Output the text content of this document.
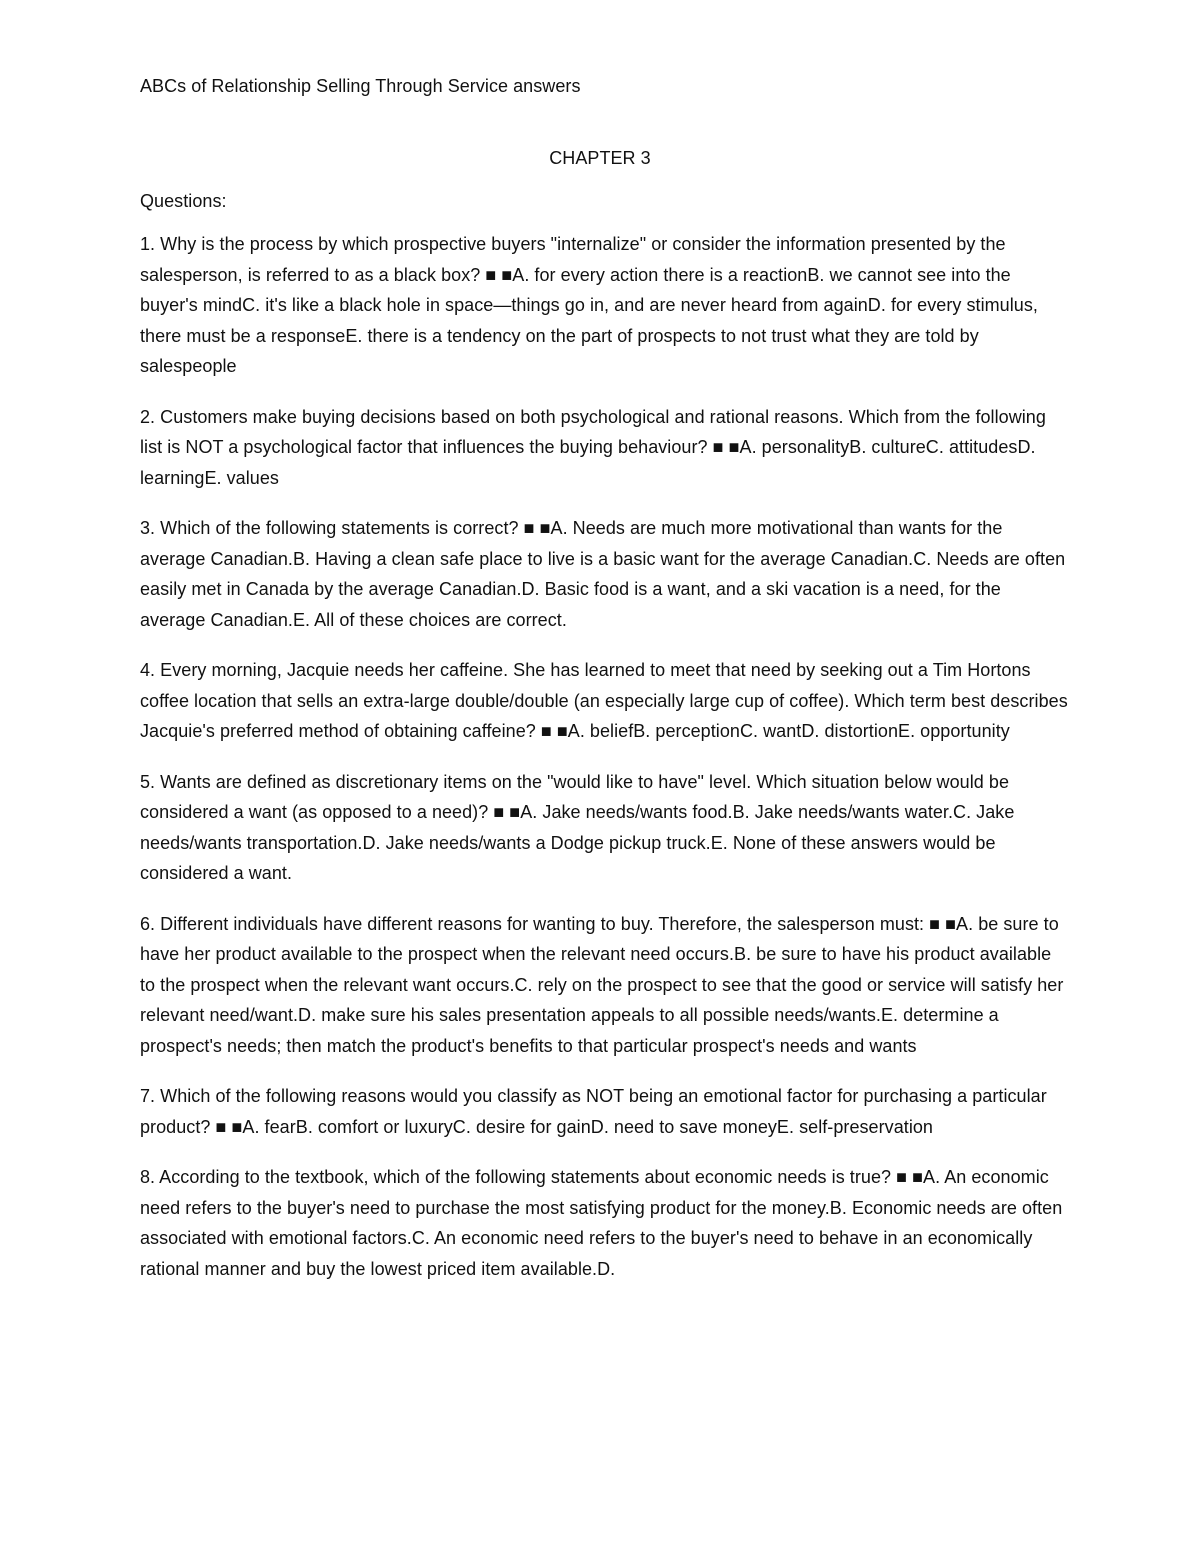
ABCs of Relationship Selling Through Service answers
CHAPTER 3

Questions:

1. Why is the process by which prospective buyers "internalize" or consider the information presented by the salesperson, is referred to as a black box? ■ ■A. for every action there is a reactionB. we cannot see into the buyer's mindC. it's like a black hole in space—things go in, and are never heard from againD. for every stimulus, there must be a responseE. there is a tendency on the part of prospects to not trust what they are told by salespeople

2. Customers make buying decisions based on both psychological and rational reasons. Which from the following list is NOT a psychological factor that influences the buying behaviour? ■ ■A. personalityB. cultureC. attitudesD. learningE. values

3. Which of the following statements is correct? ■ ■A. Needs are much more motivational than wants for the average Canadian.B. Having a clean safe place to live is a basic want for the average Canadian.C. Needs are often easily met in Canada by the average Canadian.D. Basic food is a want, and a ski vacation is a need, for the average Canadian.E. All of these choices are correct.

4. Every morning, Jacquie needs her caffeine. She has learned to meet that need by seeking out a Tim Hortons coffee location that sells an extra-large double/double (an especially large cup of coffee). Which term best describes Jacquie's preferred method of obtaining caffeine? ■ ■A. beliefB. perceptionC. wantD. distortionE. opportunity

5. Wants are defined as discretionary items on the "would like to have" level. Which situation below would be considered a want (as opposed to a need)? ■ ■A. Jake needs/wants food.B. Jake needs/wants water.C. Jake needs/wants transportation.D. Jake needs/wants a Dodge pickup truck.E. None of these answers would be considered a want.

6. Different individuals have different reasons for wanting to buy. Therefore, the salesperson must: ■ ■A. be sure to have her product available to the prospect when the relevant need occurs.B. be sure to have his product available to the prospect when the relevant want occurs.C. rely on the prospect to see that the good or service will satisfy her relevant need/want.D. make sure his sales presentation appeals to all possible needs/wants.E. determine a prospect's needs; then match the product's benefits to that particular prospect's needs and wants

7. Which of the following reasons would you classify as NOT being an emotional factor for purchasing a particular product? ■ ■A. fearB. comfort or luxuryC. desire for gainD. need to save moneyE. self-preservation

8. According to the textbook, which of the following statements about economic needs is true? ■ ■A. An economic need refers to the buyer's need to purchase the most satisfying product for the money.B. Economic needs are often associated with emotional factors.C. An economic need refers to the buyer's need to behave in an economically rational manner and buy the lowest priced item available.D.
